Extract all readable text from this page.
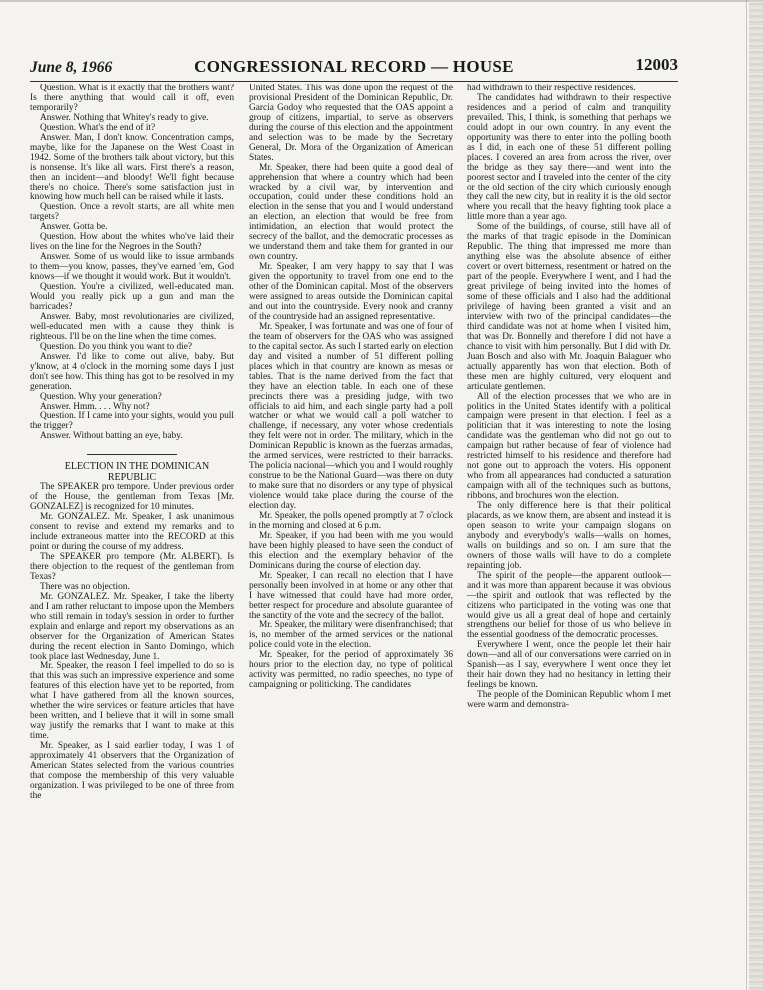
June 8, 1966	CONGRESSIONAL RECORD — HOUSE	12003

Question. What is it exactly that the brothers want? Is there anything that would call it off, even temporarily?

Answer. Nothing that Whitey's ready to give.

Question. What's the end of it?

Answer. Man, I don't know. Concentration camps, maybe, like for the Japanese on the West Coast in 1942. Some of the brothers talk about victory, but this is nonsense. It's like all wars. First there's a reason, then an incident—and bloody! We'll fight because there's no choice. There's some satisfaction just in knowing how much hell can be raised while it lasts.

Question. Once a revolt starts, are all white men targets?

Answer. Gotta be.

Question. How about the whites who've laid their lives on the line for the Negroes in the South?

Answer. Some of us would like to issue armbands to them—you know, passes, they've earned 'em, God knows—if we thought it would work. But it wouldn't.

Question. You're a civilized, well-educated man. Would you really pick up a gun and man the barricades?

Answer. Baby, most revolutionaries are civilized, well-educated men with a cause they think is righteous. I'll be on the line when the time comes.

Question. Do you think you want to die?

Answer. I'd like to come out alive, baby. But y'know, at 4 o'clock in the morning some days I just don't see how. This thing has got to be resolved in my generation.

Question. Why your generation?

Answer. Hmm. . . . Why not?

Question. If I came into your sights, would you pull the trigger?

Answer. Without batting an eye, baby.

ELECTION IN THE DOMINICAN REPUBLIC

The SPEAKER pro tempore. Under previous order of the House, the gentleman from Texas [Mr. GONZALEZ] is recognized for 10 minutes.

Mr. GONZALEZ. Mr. Speaker, I ask unanimous consent to revise and extend my remarks and to include extraneous matter into the RECORD at this point or during the course of my address.

The SPEAKER pro tempore (Mr. ALBERT). Is there objection to the request of the gentleman from Texas?

There was no objection.

Mr. GONZALEZ. Mr. Speaker, I take the liberty and I am rather reluctant to impose upon the Members who still remain in today's session in order to further explain and enlarge and report my observations as an observer for the Organization of American States during the recent election in Santo Domingo, which took place last Wednesday, June 1.

Mr. Speaker, the reason I feel impelled to do so is that this was such an impressive experience and some features of this election have yet to be reported, from what I have gathered from all the known sources, whether the wire services or feature articles that have been written, and I believe that it will in some small way justify the remarks that I want to make at this time.

Mr. Speaker, as I said earlier today, I was 1 of approximately 41 observers that the Organization of American States selected from the various countries that compose the membership of this very valuable organization. I was privileged to be one of three from the

United States. This was done upon the request of the provisional President of the Dominican Republic, Dr. Garcia Godoy who requested that the OAS appoint a group of citizens, impartial, to serve as observers during the course of this election and the appointment and selection was to be made by the Secretary General, Dr. Mora of the Organization of American States.

Mr. Speaker, there had been quite a good deal of apprehension that where a country which had been wracked by a civil war, by intervention and occupation, could under these conditions hold an election in the sense that you and I would understand an election, an election that would be free from intimidation, an election that would protect the secrecy of the ballot, and the democratic processes as we understand them and take them for granted in our own country.

Mr. Speaker, I am very happy to say that I was given the opportunity to travel from one end to the other of the Dominican capital. Most of the observers were assigned to areas outside the Dominican capital and out into the countryside. Every nook and cranny of the countryside had an assigned representative.

Mr. Speaker, I was fortunate and was one of four of the team of observers for the OAS who was assigned to the capital sector. As such I started early on election day and visited a number of 51 different polling places which in that country are known as mesas or tables. That is the name derived from the fact that they have an election table. In each one of these precincts there was a presiding judge, with two officials to aid him, and each single party had a poll watcher or what we would call a poll watcher to challenge, if necessary, any voter whose credentials they felt were not in order. The military, which in the Dominican Republic is known as the fuerzas armadas, the armed services, were restricted to their barracks. The policia nacional—which you and I would roughly construe to be the National Guard—was there on duty to make sure that no disorders or any type of physical violence would take place during the course of the election day.

Mr. Speaker, the polls opened promptly at 7 o'clock in the morning and closed at 6 p.m.

Mr. Speaker, if you had been with me you would have been highly pleased to have seen the conduct of this election and the exemplary behavior of the Dominicans during the course of election day.

Mr. Speaker, I can recall no election that I have personally been involved in at home or any other that I have witnessed that could have had more order, better respect for procedure and absolute guarantee of the sanctity of the vote and the secrecy of the ballot.

Mr. Speaker, the military were disenfranchised; that is, no member of the armed services or the national police could vote in the election.

Mr. Speaker, for the period of approximately 36 hours prior to the election day, no type of political activity was permitted, no radio speeches, no type of campaigning or politicking. The candidates

had withdrawn to their respective residences.

The candidates had withdrawn to their respective residences and a period of calm and tranquility prevailed. This, I think, is something that perhaps we could adopt in our own country. In any event the opportunity was there to enter into the polling booth as I did, in each one of these 51 different polling places. I covered an area from across the river, over the bridge as they say there—and went into the poorest sector and I traveled into the center of the city or the old section of the city which curiously enough they call the new city, but in reality it is the old sector where you recall that the heavy fighting took place a little more than a year ago.

Some of the buildings, of course, still have all of the marks of that tragic episode in the Dominican Republic. The thing that impressed me more than anything else was the absolute absence of either covert or overt bitterness, resentment or hatred on the part of the people. Everywhere I went, and I had the great privilege of being invited into the homes of some of these officials and I also had the additional privilege of having been granted a visit and an interview with two of the principal candidates—the third candidate was not at home when I visited him, that was Dr. Bonnelly and therefore I did not have a chance to visit with him personally. But I did with Dr. Juan Bosch and also with Mr. Joaquin Balaguer who actually apparently has won that election. Both of these men are highly cultured, very eloquent and articulate gentlemen.

All of the election processes that we who are in politics in the United States identify with a political campaign were present in that election. I feel as a politician that it was interesting to note the losing candidate was the gentleman who did not go out to campaign but rather because of fear of violence had restricted himself to his residence and therefore had not gone out to approach the voters. His opponent who from all appearances had conducted a saturation campaign with all of the techniques such as buttons, ribbons, and brochures won the election.

The only difference here is that their political placards, as we know them, are absent and instead it is open season to write your campaign slogans on anybody and everybody's walls—walls on homes, walls on buildings and so on. I am sure that the owners of those walls will have to do a complete repainting job.

The spirit of the people—the apparent outlook—and it was more than apparent because it was obvious—the spirit and outlook that was reflected by the citizens who participated in the voting was one that would give us all a great deal of hope and certainly strengthens our belief for those of us who believe in the essential goodness of the democratic processes.

Everywhere I went, once the people let their hair down—and all of our conversations were carried on in Spanish—as I say, everywhere I went once they let their hair down they had no hesitancy in letting their feelings be known.

The people of the Dominican Republic whom I met were warm and demonstra-
